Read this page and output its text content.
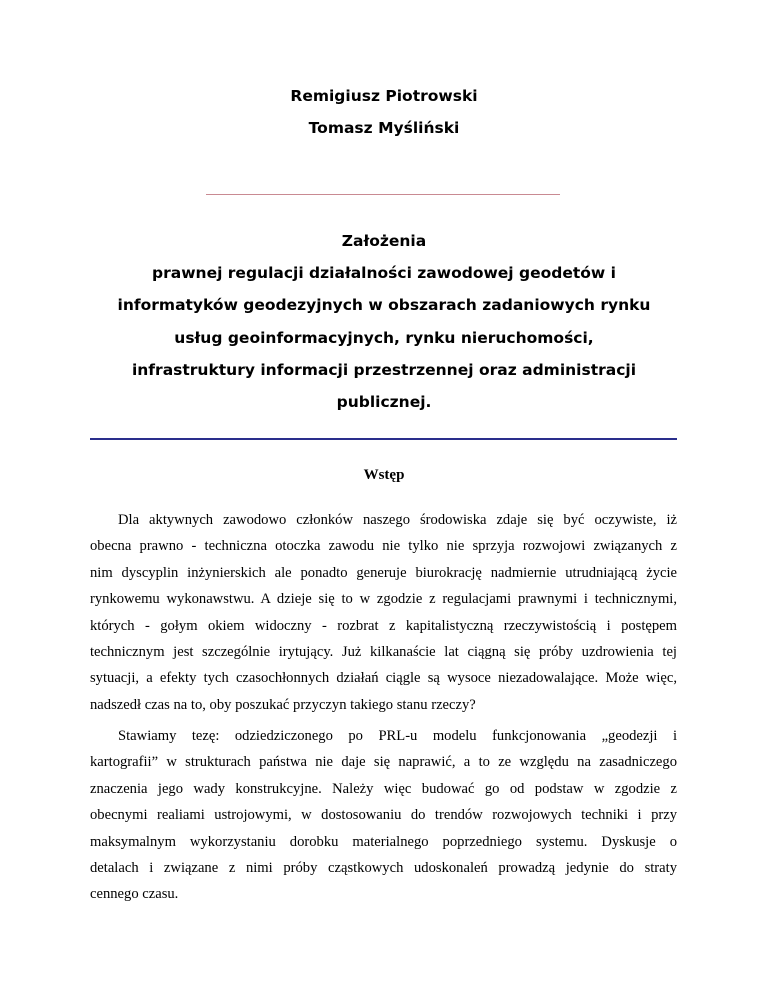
Remigiusz Piotrowski
Tomasz Myśliński
Założenia
prawnej regulacji działalności zawodowej geodetów i
informatyków geodezyjnych w obszarach zadaniowych rynku
usług geoinformacyjnych, rynku nieruchomości,
infrastruktury informacji przestrzennej oraz administracji
publicznej.
Wstęp
Dla aktywnych zawodowo członków naszego środowiska zdaje się być oczywiste, iż
obecna prawno - techniczna otoczka zawodu nie tylko nie sprzyja rozwojowi związanych z
nim dyscyplin inżynierskich ale ponadto generuje biurokrację nadmiernie utrudniającą życie
rynkowemu wykonawstwu. A dzieje się to w zgodzie z regulacjami prawnymi i technicznymi,
których - gołym okiem widoczny - rozbrat z kapitalistyczną rzeczywistością i postępem
technicznym jest szczególnie irytujący. Już kilkanaście lat ciągną się próby uzdrowienia tej
sytuacji, a efekty tych czasochłonnych działań ciągle są wysoce niezadowalające. Może więc,
nadszedł czas na to, oby poszukać przyczyn takiego stanu rzeczy?
Stawiamy tezę: odziedziczonego po PRL-u modelu funkcjonowania „geodezji i
kartografii” w strukturach państwa nie daje się naprawić, a to ze względu na zasadniczego
znaczenia jego wady konstrukcyjne. Należy więc budować go od podstaw w zgodzie z
obecnymi realiami ustrojowymi, w dostosowaniu do trendów rozwojowych techniki i przy
maksymalnym wykorzystaniu dorobku materialnego poprzedniego systemu. Dyskusje o
detalach i związane z nimi próby cząstkowych udoskonaleń prowadzą jedynie do straty
cennego czasu.
